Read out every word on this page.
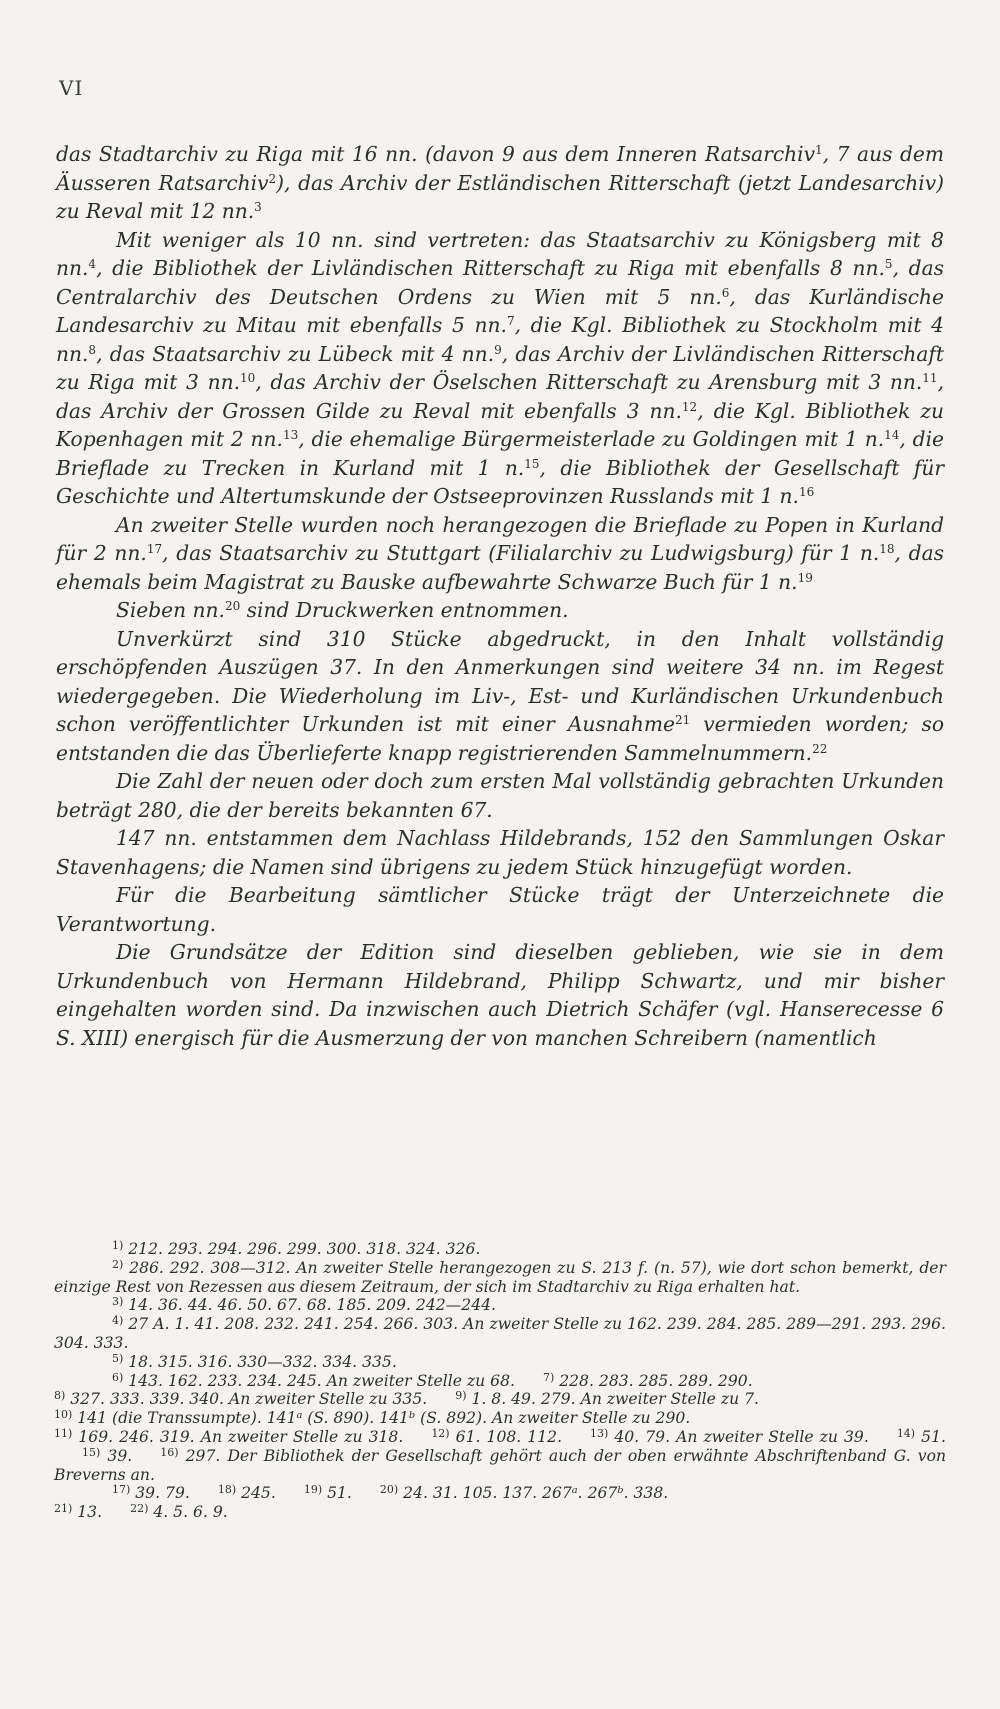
VI

das Stadtarchiv zu Riga mit 16 nn. (davon 9 aus dem Inneren Ratsarchiv$^1$, 7 aus dem Äusseren Ratsarchiv$^2$), das Archiv der Estländischen Ritterschaft (jetzt Landesarchiv) zu Reval mit 12 nn.$^3$

Mit weniger als 10 nn. sind vertreten: das Staatsarchiv zu Königsberg mit 8 nn.$^4$, die Bibliothek der Livländischen Ritterschaft zu Riga mit ebenfalls 8 nn.$^5$, das Centralarchiv des Deutschen Ordens zu Wien mit 5 nn.$^6$, das Kurländische Landesarchiv zu Mitau mit ebenfalls 5 nn.$^7$, die Kgl. Bibliothek zu Stockholm mit 4 nn.$^8$, das Staatsarchiv zu Lübeck mit 4 nn.$^9$, das Archiv der Livländischen Ritterschaft zu Riga mit 3 nn.$^{10}$, das Archiv der Öselschen Ritterschaft zu Arensburg mit 3 nn.$^{11}$, das Archiv der Grossen Gilde zu Reval mit ebenfalls 3 nn.$^{12}$, die Kgl. Bibliothek zu Kopenhagen mit 2 nn.$^{13}$, die ehemalige Bürgermeisterlade zu Goldingen mit 1 n.$^{14}$, die Brieflade zu Trecken in Kurland mit 1 n.$^{15}$, die Bibliothek der Gesellschaft für Geschichte und Altertumskunde der Ostseeprovinzen Russlands mit 1 n.$^{16}$

An zweiter Stelle wurden noch herangezogen die Brieflade zu Popen in Kurland für 2 nn.$^{17}$, das Staatsarchiv zu Stuttgart (Filialarchiv zu Ludwigsburg) für 1 n.$^{18}$, das ehemals beim Magistrat zu Bauske aufbewahrte Schwarze Buch für 1 n.$^{19}$

Sieben nn.$^{20}$ sind Druckwerken entnommen.

Unverkürzt sind 310 Stücke abgedruckt, in den Inhalt vollständig erschöpfenden Auszügen 37. In den Anmerkungen sind weitere 34 nn. im Regest wiedergegeben. Die Wiederholung im Liv-, Est- und Kurländischen Urkundenbuch schon veröffentlichter Urkunden ist mit einer Ausnahme$^{21}$ vermieden worden; so entstanden die das Überlieferte knapp registrierenden Sammelnummern.$^{22}$

Die Zahl der neuen oder doch zum ersten Mal vollständig gebrachten Urkunden beträgt 280, die der bereits bekannten 67.

147 nn. entstammen dem Nachlass Hildebrands, 152 den Sammlungen Oskar Stavenhagens; die Namen sind übrigens zu jedem Stück hinzugefügt worden.

Für die Bearbeitung sämtlicher Stücke trägt der Unterzeichnete die Verantwortung.

Die Grundsätze der Edition sind dieselben geblieben, wie sie in dem Urkundenbuch von Hermann Hildebrand, Philipp Schwartz, und mir bisher eingehalten worden sind. Da inzwischen auch Dietrich Schäfer (vgl. Hanserecesse 6 S. XIII) energisch für die Ausmerzung der von manchen Schreibern (namentlich

$^{1)}$ 212. 293. 294. 296. 299. 300. 318. 324. 326.

$^{2)}$ 286. 292. 308—312. An zweiter Stelle herangezogen zu S. 213 f. (n. 57), wie dort schon bemerkt, der einzige Rest von Rezessen aus diesem Zeitraum, der sich im Stadtarchiv zu Riga erhalten hat.

$^{3)}$ 14. 36. 44. 46. 50. 67. 68. 185. 209. 242—244.

$^{4)}$ 27 A. 1. 41. 208. 232. 241. 254. 266. 303. An zweiter Stelle zu 162. 239. 284. 285. 289—291. 293. 296. 304. 333.

$^{5)}$ 18. 315. 316. 330—332. 334. 335.

$^{6)}$ 143. 162. 233. 234. 245. An zweiter Stelle zu 68.	$^{7)}$ 228. 283. 285. 289. 290.

$^{8)}$ 327. 333. 339. 340. An zweiter Stelle zu 335.	$^{9)}$ 1. 8. 49. 279. An zweiter Stelle zu 7.

$^{10)}$ 141 (die Transsumpte). 141ᵃ (S. 890). 141ᵇ (S. 892). An zweiter Stelle zu 290.

$^{11)}$ 169. 246. 319. An zweiter Stelle zu 318.	$^{12)}$ 61. 108. 112.	$^{13)}$ 40. 79. An zweiter Stelle zu 39.	$^{14)}$ 51.$^{15)}$ 39.	$^{16)}$ 297. Der Bibliothek der Gesellschaft gehört auch der oben erwähnte Abschriftenband G. von Breverns an.

$^{17)}$ 39. 79.	$^{18)}$ 245.	$^{19)}$ 51.	$^{20)}$ 24. 31. 105. 137. 267ᵃ. 267ᵇ. 338.

$^{21)}$ 13.	$^{22)}$ 4. 5. 6. 9.
